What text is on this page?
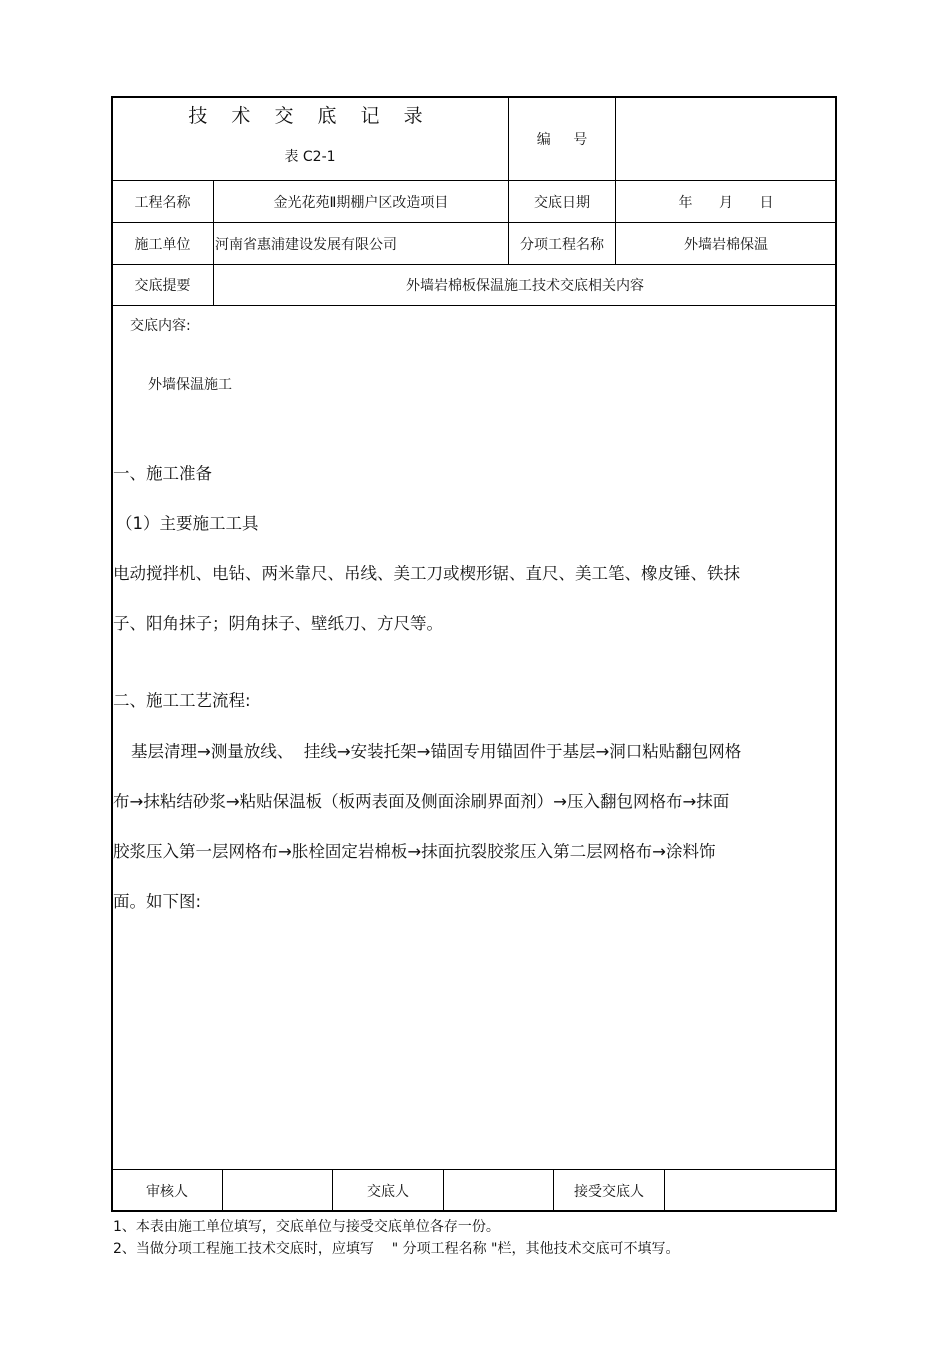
技 术 交 底 记 录
表 C2-1
编 号
工程名称	金光花苑Ⅱ期棚户区改造项目	交底日期	年 月 日
施工单位	河南省惠浦建设发展有限公司	分项工程名称	外墙岩棉保温
交底提要	外墙岩棉板保温施工技术交底相关内容
交底内容:
外墙保温施工
一、施工准备
（1）主要施工工具
电动搅拌机、电钻、两米靠尺、吊线、美工刀或楔形锯、直尺、美工笔、橡皮锤、铁抹
子、阳角抹子；阴角抹子、壁纸刀、方尺等。
二、施工工艺流程:
基层清理→测量放线、  挂线→安装托架→锚固专用锚固件于基层→洞口粘贴翻包网格
布→抹粘结砂浆→粘贴保温板（板两表面及侧面涂刷界面剂）→压入翻包网格布→抹面
胶浆压入第一层网格布→胀栓固定岩棉板→抹面抗裂胶浆压入第二层网格布→涂料饰
面。如下图:
审核人	交底人	接受交底人
1、本表由施工单位填写，交底单位与接受交底单位各存一份。
2、当做分项工程施工技术交底时，应填写    " 分项工程名称 "栏，其他技术交底可不填写。
